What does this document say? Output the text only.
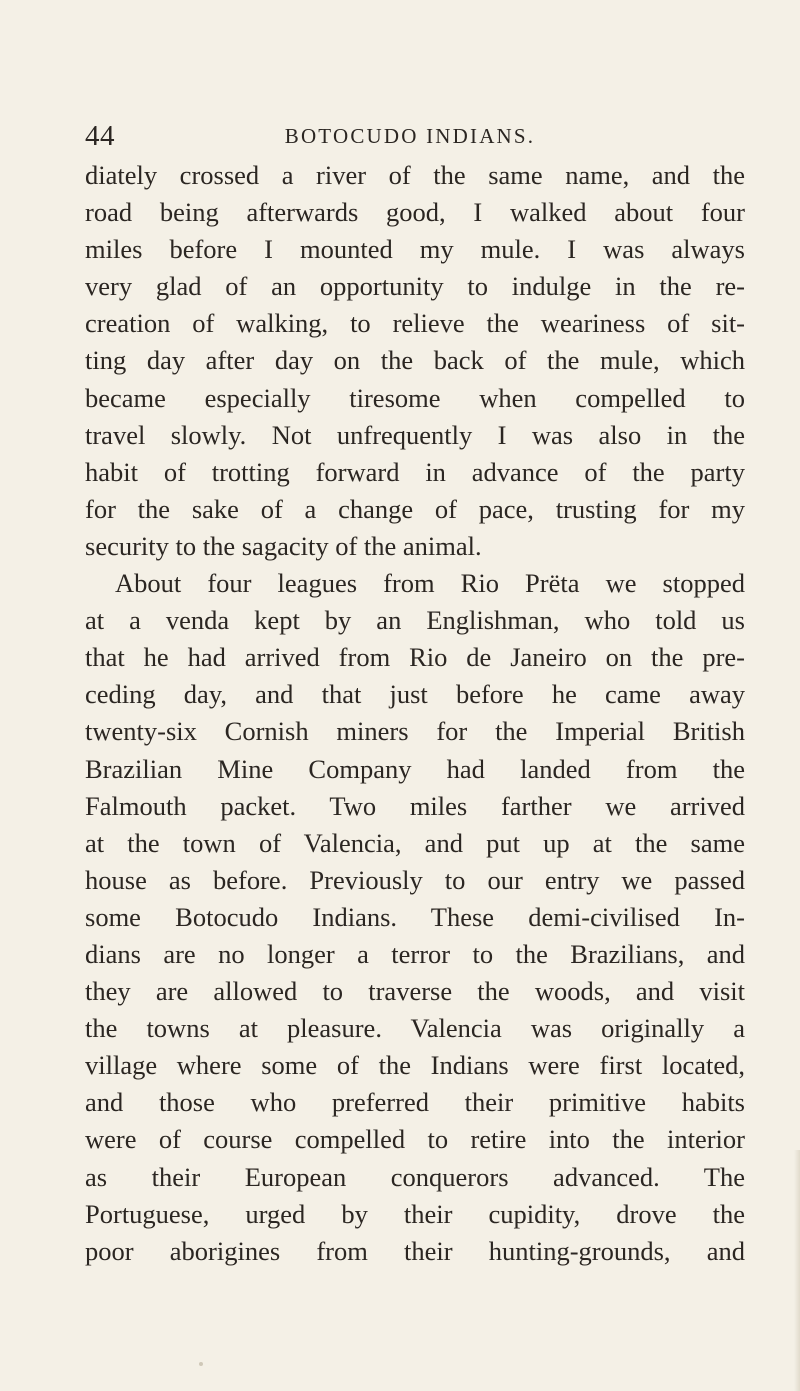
44	BOTOCUDO INDIANS.
diately crossed a river of the same name, and the
road being afterwards good, I walked about four
miles before I mounted my mule. I was always
very glad of an opportunity to indulge in the re-
creation of walking, to relieve the weariness of sit-
ting day after day on the back of the mule, which
became especially tiresome when compelled to
travel slowly. Not unfrequently I was also in the
habit of trotting forward in advance of the party
for the sake of a change of pace, trusting for my
security to the sagacity of the animal.
About four leagues from Rio Prëta we stopped
at a venda kept by an Englishman, who told us
that he had arrived from Rio de Janeiro on the pre-
ceding day, and that just before he came away
twenty-six Cornish miners for the Imperial British
Brazilian Mine Company had landed from the
Falmouth packet. Two miles farther we arrived
at the town of Valencia, and put up at the same
house as before. Previously to our entry we passed
some Botocudo Indians. These demi-civilised In-
dians are no longer a terror to the Brazilians, and
they are allowed to traverse the woods, and visit
the towns at pleasure. Valencia was originally a
village where some of the Indians were first located,
and those who preferred their primitive habits
were of course compelled to retire into the interior
as their European conquerors advanced. The
Portuguese, urged by their cupidity, drove the
poor aborigines from their hunting-grounds, and
